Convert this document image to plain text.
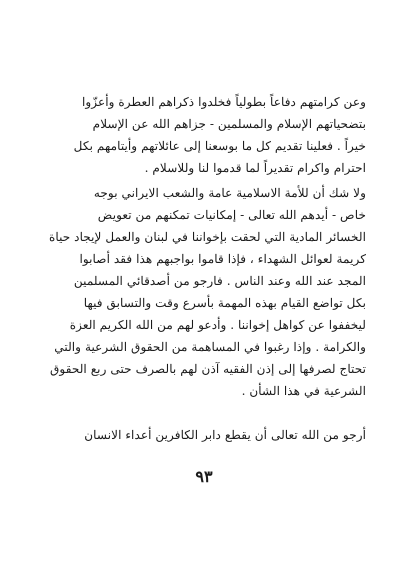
وعن كرامتهم دفاعاً بطولياً فخلدوا ذكراهم العطرة وأعزّوا
بتضحياتهم الإسلام والمسلمين - جزاهم الله عن الإسلام
خيراً . فعلينا تقديم كل ما بوسعنا إلى عائلاتهم وأيتامهم بكل
احترام واكرام تقديراً لما قدموا لنا وللاسلام .
ولا شك أن للأمة الاسلامية عامة والشعب الايراني بوجه
خاص - أيدهم الله تعالى - إمكانيات تمكنهم من تعويض
الخسائر المادية التي لحقت بإخواننا في لبنان والعمل لإيجاد حياة
كريمة لعوائل الشهداء ، فإذا قاموا بواجبهم هذا فقد أصابوا
المجد عند الله وعند الناس . فارجو من أصدقائي المسلمين
بكل تواضع القيام بهذه المهمة بأسرع وقت والتسابق فيها
ليخففوا عن كواهل إخواننا . وأدعو لهم من الله الكريم العزة
والكرامة . وإذا رغبوا في المساهمة من الحقوق الشرعية والتي
تحتاج لصرفها إلى إذن الفقيه آذن لهم بالصرف حتى ربع الحقوق
الشرعية في هذا الشأن .
أرجو من الله تعالى أن يقطع دابر الكافرين أعداء الانسان
٩٣
